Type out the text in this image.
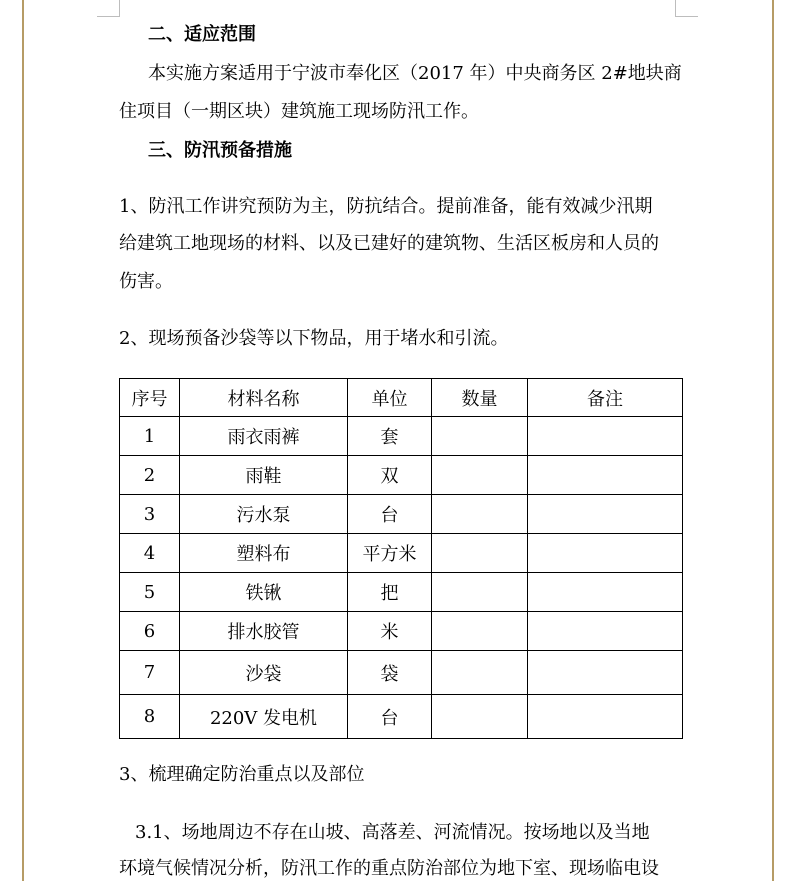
二、适应范围
本实施方案适用于宁波市奉化区（2017 年）中央商务区 2#地块商
住项目（一期区块）建筑施工现场防汛工作。
三、防汛预备措施
1、防汛工作讲究预防为主，防抗结合。提前准备，能有效减少汛期
给建筑工地现场的材料、以及已建好的建筑物、生活区板房和人员的
伤害。
2、现场预备沙袋等以下物品，用于堵水和引流。
序号	材料名称	单位	数量	备注
1	雨衣雨裤	套		
2	雨鞋	双		
3	污水泵	台		
4	塑料布	平方米		
5	铁锹	把		
6	排水胶管	米		
7	沙袋	袋		
8	220V 发电机	台		
3、梳理确定防治重点以及部位
3.1、场地周边不存在山坡、高落差、河流情况。按场地以及当地
环境气候情况分析，防汛工作的重点防治部位为地下室、现场临电设
